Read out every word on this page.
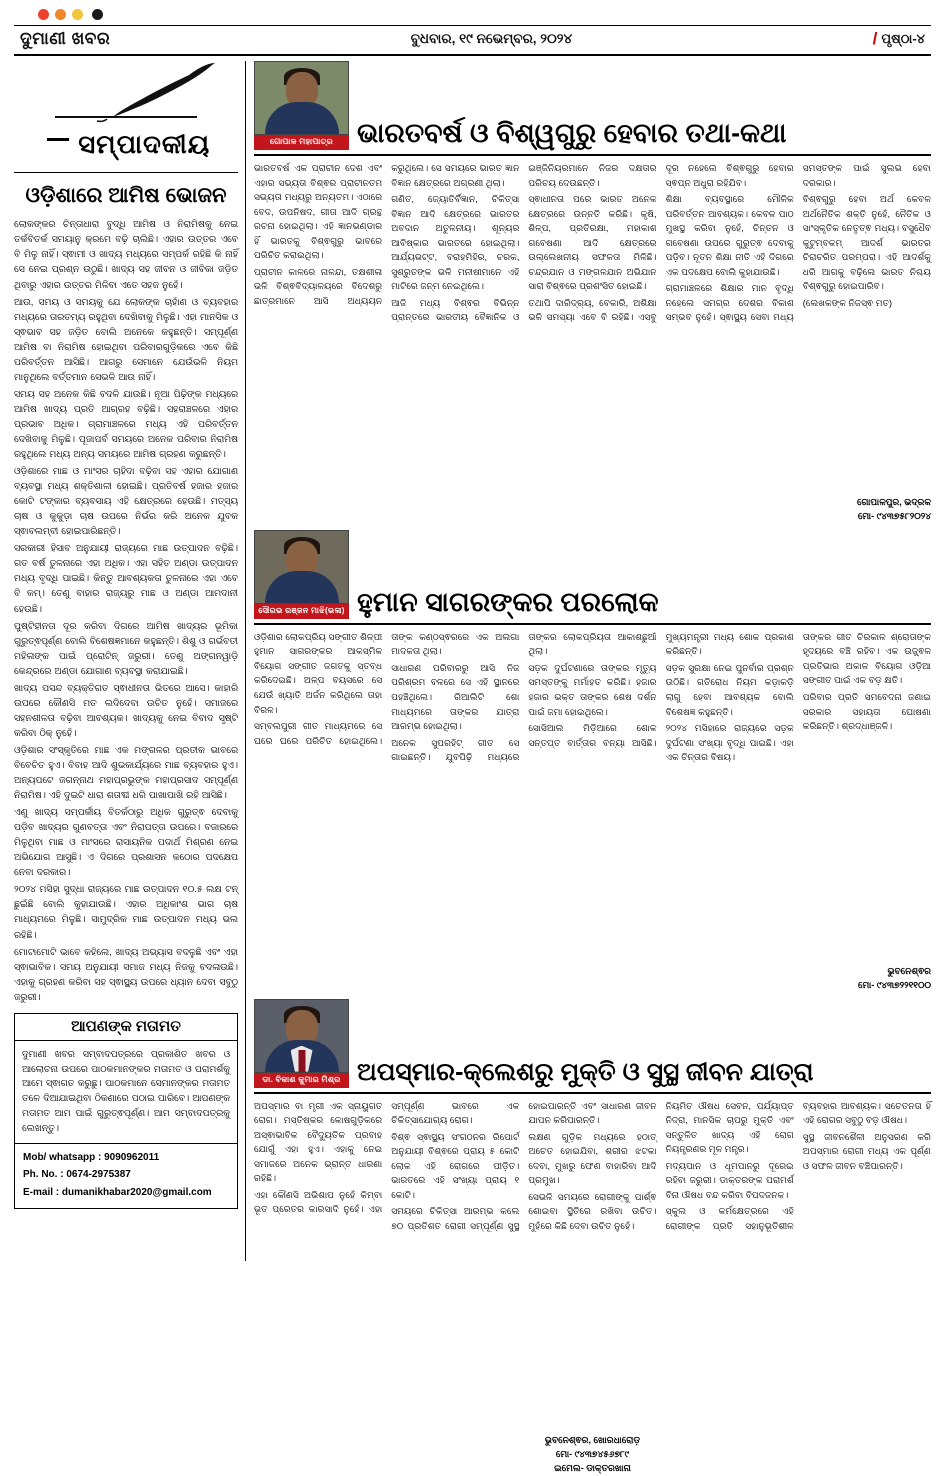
ଦୁମାଣୀ ଖବର	ବୁଧବାର, ୧୯ ନଭେମ୍ବର, ୨୦୨୪	/ ପୃଷ୍ଠା-୪
ସମ୍ପାଦକୀୟ
ଓଡ଼ିଶାରେ ଆମିଷ ଭୋଜନ

ଲୋକଙ୍କର ଚିନ୍ତାଧାରା ବୁଦ୍ଧି ଆମିଷ ଓ ନିରାମିଷକୁ ନେଇ ତର୍କବିତର୍କ ସମୟାନୁ କ୍ରମେ ବଢ଼ି ଚାଲିଛି। ଏହାର ଉତ୍ତର ଏବେ ବି ମିଳୁ ନାହିଁ। ସ୍ଵାମୀ ଓ ଖାଦ୍ୟ ମଧ୍ୟରେ ସମ୍ପର୍କ ରହିଛି କି ନାହିଁ ସେ ନେଇ ପ୍ରଶ୍ନ ଉଠୁଛି। ଖାଦ୍ୟ ସହ ଜୀବନ ଓ ଜୀବିକା ଜଡ଼ିତ ଥିବାରୁ ଏହାର ଉତ୍ତର ମିଳିବା ଏତେ ସହଜ ନୁହେଁ।

ଆଉ, ସମୟ ଓ ସମୟକୁ ଯେ ଲୋକଙ୍କ ଚାହାଁଣ ଓ ବ୍ୟବହାର ମଧ୍ୟରେ ତାରତମ୍ୟ ରହୁଥିବା ଦେଖିବାକୁ ମିଳୁଛି। ଏହା ମାନସିକ ଓ ସ୍ଵଭାବ ସହ ଜଡ଼ିତ ବୋଲି ଅନେକେ କହୁଛନ୍ତି। ସମ୍ପୂର୍ଣ୍ଣ ଆମିଷ ବା ନିରାମିଷ ହୋଇଥିବା ପରିବାରଗୁଡ଼ିକରେ ଏବେ କିଛି ପରିବର୍ତ୍ତନ ଆସିଛି। ଆଗରୁ ସେମାନେ ଯେଉଁଭଳି ନିୟମ ମାନୁଥିଲେ ବର୍ତ୍ତମାନ ସେଭଳି ଆଉ ନାହିଁ।

ସମୟ ସହ ଅନେକ କିଛି ବଦଳି ଯାଉଛି। ନୂଆ ପିଢ଼ିଙ୍କ ମଧ୍ୟରେ ଆମିଷ ଖାଦ୍ୟ ପ୍ରତି ଆଗ୍ରହ ବଢ଼ିଛି। ସହରାଞ୍ଚଳରେ ଏହାର ପ୍ରଭାବ ଅଧିକ। ଗ୍ରାମାଞ୍ଚଳରେ ମଧ୍ୟ ଏହି ପରିବର୍ତ୍ତନ ଦେଖିବାକୁ ମିଳୁଛି। ପୂଜାପର୍ବ ସମୟରେ ଅନେକ ପରିବାର ନିରାମିଷ ରହୁଥିଲେ ମଧ୍ୟ ଅନ୍ୟ ସମୟରେ ଆମିଷ ଗ୍ରହଣ କରୁଛନ୍ତି।

ଓଡ଼ିଶାରେ ମାଛ ଓ ମାଂସର ଚାହିଦା ବଢ଼ିବା ସହ ଏହାର ଯୋଗାଣ ବ୍ୟବସ୍ଥା ମଧ୍ୟ ଶକ୍ତିଶାଳୀ ହୋଇଛି। ପ୍ରତିବର୍ଷ ହଜାର ହଜାର କୋଟି ଟଙ୍କାର ବ୍ୟବସାୟ ଏହି କ୍ଷେତ୍ରରେ ହେଉଛି। ମତ୍ସ୍ୟ ଚାଷ ଓ କୁକୁଡ଼ା ଚାଷ ଉପରେ ନିର୍ଭର କରି ଅନେକ ଯୁବକ ସ୍ଵାବଲମ୍ବୀ ହୋଇପାରିଛନ୍ତି।

ସରକାରୀ ହିସାବ ଅନୁଯାୟୀ ରାଜ୍ୟରେ ମାଛ ଉତ୍ପାଦନ ବଢ଼ିଛି। ଗତ ବର୍ଷ ତୁଳନାରେ ଏହା ଅଧିକ। ଏହା ସହିତ ଅଣ୍ଡା ଉତ୍ପାଦନ ମଧ୍ୟ ବୃଦ୍ଧି ପାଇଛି। କିନ୍ତୁ ଆବଶ୍ୟକତା ତୁଳନାରେ ଏହା ଏବେ ବି କମ୍। ତେଣୁ ବାହାର ରାଜ୍ୟରୁ ମାଛ ଓ ଅଣ୍ଡା ଆମଦାନୀ ହେଉଛି।

ପୁଷ୍ଟିହୀନତା ଦୂର କରିବା ଦିଗରେ ଆମିଷ ଖାଦ୍ୟର ଭୂମିକା ଗୁରୁତ୍ଵପୂର୍ଣ୍ଣ ବୋଲି ବିଶେଷଜ୍ଞମାନେ କହୁଛନ୍ତି। ଶିଶୁ ଓ ଗର୍ଭବତୀ ମହିଳାଙ୍କ ପାଇଁ ପ୍ରୋଟିନ୍ ଜରୁରୀ। ତେଣୁ ଅଙ୍ଗନୱାଡ଼ି କେନ୍ଦ୍ରରେ ଅଣ୍ଡା ଯୋଗାଣ ବ୍ୟବସ୍ଥା କରାଯାଇଛି।

ଖାଦ୍ୟ ପସନ୍ଦ ବ୍ୟକ୍ତିଗତ ସ୍ଵାଧୀନତା ଭିତରେ ଆସେ। କାହାରି ଉପରେ କୌଣସି ମତ ଲଦିଦେବା ଉଚିତ ନୁହେଁ। ସମାଜରେ ସହନଶୀଳତା ବଢ଼ିବା ଆବଶ୍ୟକ। ଖାଦ୍ୟକୁ ନେଇ ବିବାଦ ସୃଷ୍ଟି କରିବା ଠିକ୍ ନୁହେଁ।

ଓଡ଼ିଶାର ସଂସ୍କୃତିରେ ମାଛ ଏକ ମଙ୍ଗଳର ପ୍ରତୀକ ଭାବରେ ବିବେଚିତ ହୁଏ। ବିବାହ ଆଦି ଶୁଭକାର୍ଯ୍ୟରେ ମାଛ ବ୍ୟବହାର ହୁଏ। ଅନ୍ୟପଟେ ଜଗନ୍ନାଥ ମହାପ୍ରଭୁଙ୍କ ମହାପ୍ରସାଦ ସମ୍ପୂର୍ଣ୍ଣ ନିରାମିଷ। ଏହି ଦୁଇଟି ଧାରା ଶତାବ୍ଦୀ ଧରି ପାଖାପାଖି ରହି ଆସିଛି।

ଏଣୁ ଖାଦ୍ୟ ସମ୍ପର୍କୀୟ ବିତର୍କଠାରୁ ଅଧିକ ଗୁରୁତ୍ଵ ଦେବାକୁ ପଡ଼ିବ ଖାଦ୍ୟର ଗୁଣବତ୍ତା ଏବଂ ନିରାପତ୍ତା ଉପରେ। ବଜାରରେ ମିଳୁଥିବା ମାଛ ଓ ମାଂସରେ ରାସାୟନିକ ପଦାର୍ଥ ମିଶ୍ରଣ ନେଇ ଅଭିଯୋଗ ଆସୁଛି। ଏ ଦିଗରେ ପ୍ରଶାସନ କଠୋର ପଦକ୍ଷେପ ନେବା ଦରକାର।

୨୦୨୪ ମସିହା ସୁଦ୍ଧା ରାଜ୍ୟରେ ମାଛ ଉତ୍ପାଦନ ୧୦.୫ ଲକ୍ଷ ଟନ୍ ଛୁଇଁଛି ବୋଲି କୁହାଯାଉଛି। ଏହାର ଅଧିକାଂଶ ଭାଗ ଚାଷ ମାଧ୍ୟମରେ ମିଳୁଛି। ସାମୁଦ୍ରିକ ମାଛ ଉତ୍ପାଦନ ମଧ୍ୟ ଭଲ ରହିଛି।

ମୋଟାମୋଟି ଭାବେ କହିଲେ, ଖାଦ୍ୟ ଅଭ୍ୟାସ ବଦଳୁଛି ଏବଂ ଏହା ସ୍ଵାଭାବିକ। ସମୟ ଅନୁଯାୟୀ ସମାଜ ମଧ୍ୟ ନିଜକୁ ବଦଳାଉଛି। ଏହାକୁ ଗ୍ରହଣ କରିବା ସହ ସ୍ଵାସ୍ଥ୍ୟ ଉପରେ ଧ୍ୟାନ ଦେବା ସବୁଠୁ ଜରୁରୀ।

ଆପଣଙ୍କ ମତାମତ
ଦୁମାଣୀ ଖବର ସମ୍ବାଦପତ୍ରରେ ପ୍ରକାଶିତ ଖବର ଓ ଆଲୋଚନା ଉପରେ ପାଠକମାନଙ୍କର ମତାମତ ଓ ପରାମର୍ଶକୁ ଆମେ ସ୍ଵାଗତ କରୁଛୁ। ପାଠକମାନେ ସେମାନଙ୍କର ମତାମତ ତଳେ ଦିଆଯାଇଥିବା ଠିକଣାରେ ପଠାଇ ପାରିବେ। ଆପଣଙ୍କ ମତାମତ ଆମ ପାଇଁ ଗୁରୁତ୍ଵପୂର୍ଣ୍ଣ। ଆମ ସମ୍ବାଦପତ୍ରକୁ ଲେଖନ୍ତୁ।
Mob/ whatsapp : 9090962011
Ph. No. : 0674-2975387
E-mail : dumanikhabar2020@gmail.com
ଗୋପାଳ ମହାପାତ୍ର ଭାରତବର୍ଷ ଓ ବିଶ୍ୱଗୁରୁ ହେବାର ତଥା-କଥା

ଭାରତବର୍ଷ ଏକ ପ୍ରାଚୀନ ଦେଶ ଏବଂ ଏହାର ସଭ୍ୟତା ବିଶ୍ଵର ପ୍ରାଚୀନତମ ସଭ୍ୟତା ମଧ୍ୟରୁ ଅନ୍ୟତମ। ଏଠାରେ ବେଦ, ଉପନିଷଦ, ଗୀତା ଆଦି ଗ୍ରନ୍ଥ ରଚନା ହୋଇଥିଲା। ଏହି ଜ୍ଞାନଭଣ୍ଡାର ହିଁ ଭାରତକୁ ବିଶ୍ଵଗୁରୁ ଭାବରେ ପରିଚିତ କରାଇଥିଲା।

ପ୍ରାଚୀନ କାଳରେ ନାଳନ୍ଦା, ତକ୍ଷଶୀଳା ଭଳି ବିଶ୍ଵବିଦ୍ୟାଳୟରେ ବିଦେଶରୁ ଛାତ୍ରମାନେ ଆସି ଅଧ୍ୟୟନ କରୁଥିଲେ। ସେ ସମୟରେ ଭାରତ ଜ୍ଞାନ ବିଜ୍ଞାନ କ୍ଷେତ୍ରରେ ଅଗ୍ରଣୀ ଥିଲା।

ଗଣିତ, ଜ୍ୟୋତିର୍ବିଜ୍ଞାନ, ଚିକିତ୍ସା ବିଜ୍ଞାନ ଆଦି କ୍ଷେତ୍ରରେ ଭାରତର ଅବଦାନ ଅତୁଳନୀୟ। ଶୂନ୍ୟର ଆବିଷ୍କାର ଭାରତରେ ହୋଇଥିଲା। ଆର୍ଯ୍ୟଭଟ୍ଟ, ବରାହମିହିର, ଚରକ, ସୁଶ୍ରୁତଙ୍କ ଭଳି ମନୀଷୀମାନେ ଏହି ମାଟିରେ ଜନ୍ମ ନେଇଥିଲେ।

ଆଜି ମଧ୍ୟ ବିଶ୍ଵର ବିଭିନ୍ନ ପ୍ରାନ୍ତରେ ଭାରତୀୟ ବୈଜ୍ଞାନିକ ଓ ଇଞ୍ଜିନିୟରମାନେ ନିଜର ଦକ୍ଷତାର ପରିଚୟ ଦେଉଛନ୍ତି।

ସ୍ଵାଧୀନତା ପରେ ଭାରତ ଅନେକ କ୍ଷେତ୍ରରେ ଉନ୍ନତି କରିଛି। କୃଷି, ଶିଳ୍ପ, ପ୍ରତିରକ୍ଷା, ମହାକାଶ ଗବେଷଣା ଆଦି କ୍ଷେତ୍ରରେ ଉଲ୍ଲେଖନୀୟ ସଫଳତା ମିଳିଛି। ଚନ୍ଦ୍ରଯାନ ଓ ମଙ୍ଗଳଯାନ ଅଭିଯାନ ସାରା ବିଶ୍ଵରେ ପ୍ରଶଂସିତ ହୋଇଛି।

ତଥାପି ଦାରିଦ୍ର୍ୟ, ବେକାରି, ଅଶିକ୍ଷା ଭଳି ସମସ୍ୟା ଏବେ ବି ରହିଛି। ଏସବୁ ଦୂର ନହେଲେ ବିଶ୍ଵଗୁରୁ ହେବାର ସ୍ଵପ୍ନ ଅଧୁରା ରହିଯିବ।

ଶିକ୍ଷା ବ୍ୟବସ୍ଥାରେ ମୌଳିକ ପରିବର୍ତ୍ତନ ଆବଶ୍ୟକ। କେବଳ ପାଠ ମୁଖସ୍ଥ କରିବା ନୁହେଁ, ଚିନ୍ତନ ଓ ଗବେଷଣା ଉପରେ ଗୁରୁତ୍ଵ ଦେବାକୁ ପଡ଼ିବ। ନୂତନ ଶିକ୍ଷା ନୀତି ଏହି ଦିଗରେ ଏକ ପଦକ୍ଷେପ ବୋଲି କୁହାଯାଉଛି।

ଗ୍ରାମାଞ୍ଚଳରେ ଶିକ୍ଷାର ମାନ ବୃଦ୍ଧି ନହେଲେ ସମଗ୍ର ଦେଶର ବିକାଶ ସମ୍ଭବ ନୁହେଁ। ସ୍ଵାସ୍ଥ୍ୟ ସେବା ମଧ୍ୟ ସମସ୍ତଙ୍କ ପାଇଁ ସୁଲଭ ହେବା ଦରକାର।

ବିଶ୍ଵଗୁରୁ ହେବା ଅର୍ଥ କେବଳ ଅର୍ଥନୈତିକ ଶକ୍ତି ନୁହେଁ, ନୈତିକ ଓ ସାଂସ୍କୃତିକ ନେତୃତ୍ଵ ମଧ୍ୟ। ବସୁଧୈବ କୁଟୁମ୍ବକମ୍ ଆଦର୍ଶ ଭାରତର ଚିରାଚରିତ ପରମ୍ପରା। ଏହି ଆଦର୍ଶକୁ ଧରି ଆଗକୁ ବଢ଼ିଲେ ଭାରତ ନିଶ୍ଚୟ ବିଶ୍ଵଗୁରୁ ହୋଇପାରିବ।

(ଲେଖକଙ୍କ ନିଜସ୍ଵ ମତ)

ଗୋପାଳପୁର, ଭଦ୍ରକ
ମୋ- ୯୪୩୭୫୮୨୦୨୪
ସୌରଭ ରଞ୍ଜନ ମାଝି(ଭଳା) ହୁମାନ ସାଗରଙ୍କର ପରଲୋକ

ଓଡ଼ିଶାର ଲୋକପ୍ରିୟ ସଙ୍ଗୀତ ଶିଳ୍ପୀ ହୁମାନ ସାଗରଙ୍କର ଆକସ୍ମିକ ବିୟୋଗ ସଙ୍ଗୀତ ଜଗତକୁ ସ୍ତବ୍ଧ କରିଦେଇଛି। ଅଳ୍ପ ବୟସରେ ସେ ଯେଉଁ ଖ୍ୟାତି ଅର୍ଜନ କରିଥିଲେ ତାହା ବିରଳ।

ସମ୍ବଲପୁରୀ ଗୀତ ମାଧ୍ୟମରେ ସେ ଘରେ ଘରେ ପରିଚିତ ହୋଇଥିଲେ। ତାଙ୍କ କଣ୍ଠସ୍ଵରରେ ଏକ ଅଲଗା ମାଦକତା ଥିଲା।

ସାଧାରଣ ପରିବାରରୁ ଆସି ନିଜ ପରିଶ୍ରମ ବଳରେ ସେ ଏହି ସ୍ଥାନରେ ପହଞ୍ଚିଥିଲେ। ରିଆଲିଟି ଶୋ ମାଧ୍ୟମରେ ତାଙ୍କର ଯାତ୍ରା ଆରମ୍ଭ ହୋଇଥିଲା।

ଅନେକ ସୁପରହିଟ୍ ଗୀତ ସେ ଗାଇଛନ୍ତି। ଯୁବପିଢ଼ି ମଧ୍ୟରେ ତାଙ୍କର ଲୋକପ୍ରିୟତା ଆକାଶଛୁଆଁ ଥିଲା।

ସଡ଼କ ଦୁର୍ଘଟଣାରେ ତାଙ୍କର ମୃତ୍ୟୁ ସମସ୍ତଙ୍କୁ ମର୍ମାହତ କରିଛି। ହଜାର ହଜାର ଭକ୍ତ ତାଙ୍କର ଶେଷ ଦର୍ଶନ ପାଇଁ ଜମା ହୋଇଥିଲେ।

ସୋସିଆଲ ମିଡ଼ିଆରେ ଶୋକ ସନ୍ତପ୍ତ ବାର୍ତ୍ତାର ବନ୍ୟା ଆସିଛି। ମୁଖ୍ୟମନ୍ତ୍ରୀ ମଧ୍ୟ ଶୋକ ପ୍ରକାଶ କରିଛନ୍ତି।

ସଡ଼କ ସୁରକ୍ଷା ନେଇ ପୁନର୍ବାର ପ୍ରଶ୍ନ ଉଠିଛି। ଗତିରୋଧ ନିୟମ କଡ଼ାକଡ଼ି ଲାଗୁ ହେବା ଆବଶ୍ୟକ ବୋଲି ବିଶେଷଜ୍ଞ କହୁଛନ୍ତି।

୨୦୨୪ ମସିହାରେ ରାଜ୍ୟରେ ସଡ଼କ ଦୁର୍ଘଟଣା ସଂଖ୍ୟା ବୃଦ୍ଧି ପାଇଛି। ଏହା ଏକ ଚିନ୍ତାର ବିଷୟ।

ତାଙ୍କର ଗୀତ ଚିରକାଳ ଶ୍ରୋତାଙ୍କ ହୃଦୟରେ ବଞ୍ଚି ରହିବ। ଏକ ଉଜ୍ଜ୍ଵଳ ପ୍ରତିଭାର ଅକାଳ ବିୟୋଗ ଓଡ଼ିଆ ସଙ୍ଗୀତ ପାଇଁ ଏକ ବଡ଼ କ୍ଷତି।

ପରିବାର ପ୍ରତି ସମବେଦନା ଜଣାଇ ସରକାର ସହାୟତା ଘୋଷଣା କରିଛନ୍ତି। ଶ୍ରଦ୍ଧାଞ୍ଜଳି।

ଭୁବନେଶ୍ଵର
ମୋ- ୯୪୩୭୨୨୧୧୦୦
ଡା. ବିକାଶ କୁମାର ମିଶ୍ର ଅପସ୍ମାର-କ୍ଲେଶରୁ ମୁକ୍ତି ଓ ସୁସ୍ଥ ଜୀବନ ଯାତ୍ରା

ଅପସ୍ମାର ବା ମୃଗୀ ଏକ ସ୍ନାୟୁଗତ ରୋଗ। ମସ୍ତିଷ୍କର କୋଷଗୁଡ଼ିକରେ ଅସ୍ଵାଭାବିକ ବୈଦ୍ୟୁତିକ ପ୍ରବାହ ଯୋଗୁଁ ଏହା ହୁଏ। ଏହାକୁ ନେଇ ସମାଜରେ ଅନେକ ଭ୍ରାନ୍ତ ଧାରଣା ରହିଛି।

ଏହା କୌଣସି ଅଭିଶାପ ନୁହେଁ କିମ୍ବା ଭୂତ ପ୍ରେତର କାରସାଦି ନୁହେଁ। ଏହା ସମ୍ପୂର୍ଣ୍ଣ ଭାବରେ ଏକ ଚିକିତ୍ସାଯୋଗ୍ୟ ରୋଗ।

ବିଶ୍ଵ ସ୍ଵାସ୍ଥ୍ୟ ସଂଗଠନର ରିପୋର୍ଟ ଅନୁଯାୟୀ ବିଶ୍ଵରେ ପ୍ରାୟ ୫ କୋଟି ଲୋକ ଏହି ରୋଗରେ ପୀଡ଼ିତ। ଭାରତରେ ଏହି ସଂଖ୍ୟା ପ୍ରାୟ ୧ କୋଟି।

ସମୟରେ ଚିକିତ୍ସା ଆରମ୍ଭ କଲେ ୭୦ ପ୍ରତିଶତ ରୋଗୀ ସମ୍ପୂର୍ଣ୍ଣ ସୁସ୍ଥ ହୋଇପାରନ୍ତି ଏବଂ ସାଧାରଣ ଜୀବନ ଯାପନ କରିପାରନ୍ତି।

ଲକ୍ଷଣ ଗୁଡ଼ିକ ମଧ୍ୟରେ ହଠାତ୍ ଅଚେତ ହୋଇଯିବା, ଶରୀର ଝଟକା ଦେବା, ମୁଖରୁ ଫେଣ ବାହାରିବା ଆଦି ପ୍ରମୁଖ।

ସେଭଳି ସମୟରେ ରୋଗୀଙ୍କୁ ପାର୍ଶ୍ଵ ଶୋଇବା ସ୍ଥିତିରେ ରଖିବା ଉଚିତ। ମୁହଁରେ କିଛି ଦେବା ଉଚିତ ନୁହେଁ।

ନିୟମିତ ଔଷଧ ସେବନ, ପର୍ଯ୍ୟାପ୍ତ ନିଦ୍ରା, ମାନସିକ ଚାପରୁ ମୁକ୍ତି ଏବଂ ସନ୍ତୁଳିତ ଖାଦ୍ୟ ଏହି ରୋଗ ନିୟନ୍ତ୍ରଣର ମୂଳ ମନ୍ତ୍ର।

ମଦ୍ୟପାନ ଓ ଧୂମପାନରୁ ଦୂରେଇ ରହିବା ଜରୁରୀ। ଡାକ୍ତରଙ୍କ ପରାମର୍ଶ ବିନା ଔଷଧ ବନ୍ଦ କରିବା ବିପଦଜନକ।

ସ୍କୁଲ ଓ କର୍ମକ୍ଷେତ୍ରରେ ଏହି ରୋଗୀଙ୍କ ପ୍ରତି ସହାନୁଭୂତିଶୀଳ ବ୍ୟବହାର ଆବଶ୍ୟକ। ସଚେତନତା ହିଁ ଏହି ରୋଗର ସବୁଠୁ ବଡ଼ ଔଷଧ।

ସୁସ୍ଥ ଜୀବନଶୈଳୀ ଅନୁସରଣ କରି ଅପସ୍ମାର ରୋଗୀ ମଧ୍ୟ ଏକ ପୂର୍ଣ୍ଣ ଓ ସଫଳ ଜୀବନ ବଞ୍ଚିପାରନ୍ତି।

ଭୁବନେଶ୍ଵର, ଖୋରଧାରୋଡ଼
ମୋ- ୯୪୩୭୪୫୬୭୮୯
ଇମେଲ- ଡାକ୍ତରଖାନା
